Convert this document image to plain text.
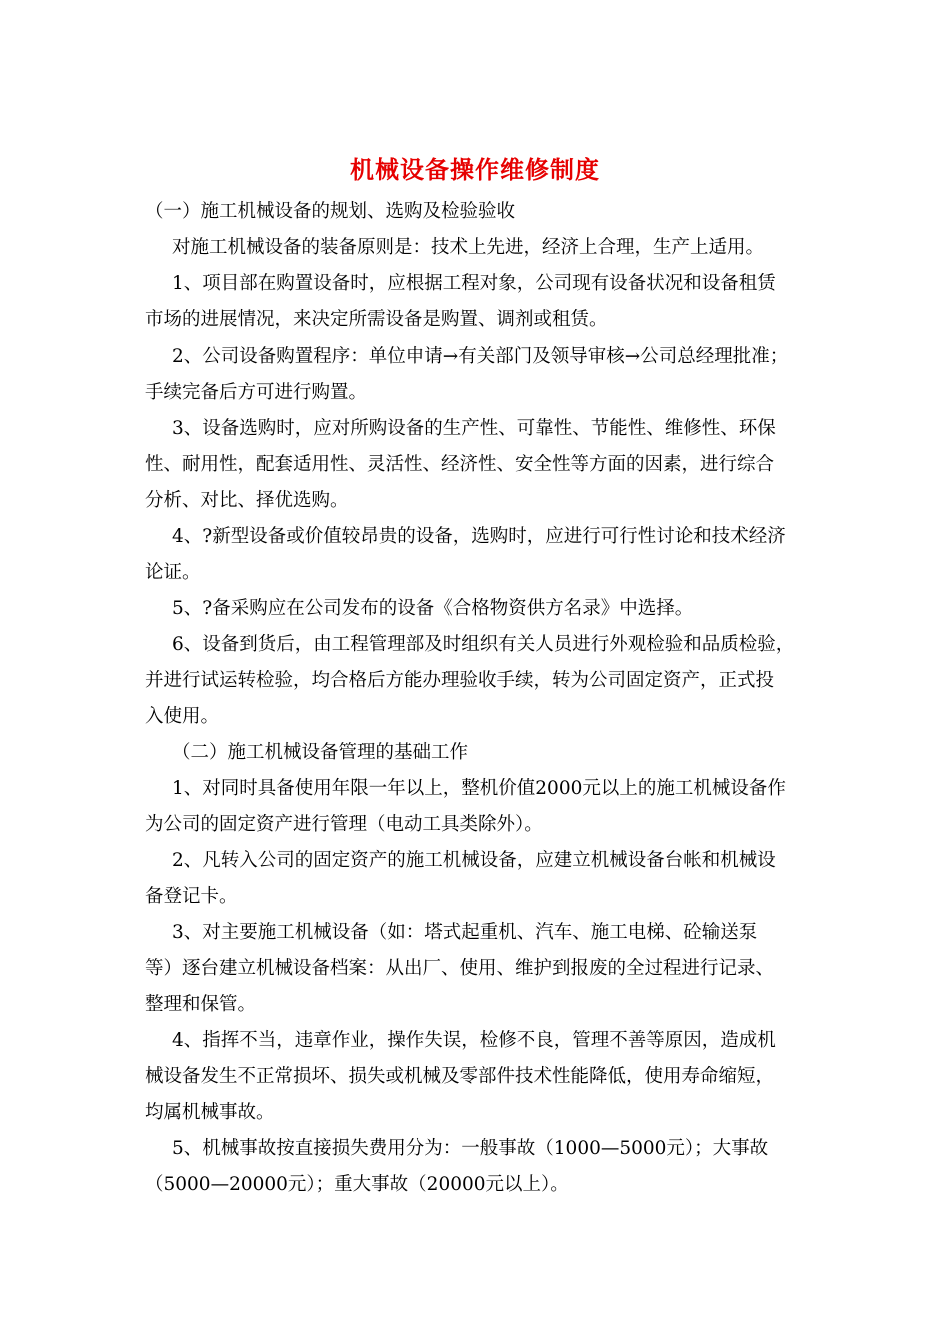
机械设备操作维修制度
（一）施工机械设备的规划、选购及检验验收
对施工机械设备的装备原则是：技术上先进，经济上合理，生产上适用。
1、项目部在购置设备时，应根据工程对象，公司现有设备状况和设备租赁
市场的进展情况，来决定所需设备是购置、调剂或租赁。
2、公司设备购置程序：单位申请→有关部门及领导审核→公司总经理批准；
手续完备后方可进行购置。
3、设备选购时，应对所购设备的生产性、可靠性、节能性、维修性、环保
性、耐用性，配套适用性、灵活性、经济性、安全性等方面的因素，进行综合
分析、对比、择优选购。
4、?新型设备或价值较昂贵的设备，选购时，应进行可行性讨论和技术经济
论证。
5、?备采购应在公司发布的设备《合格物资供方名录》中选择。
6、设备到货后，由工程管理部及时组织有关人员进行外观检验和品质检验，
并进行试运转检验，均合格后方能办理验收手续，转为公司固定资产，正式投
入使用。
（二）施工机械设备管理的基础工作
1、对同时具备使用年限一年以上，整机价值2000元以上的施工机械设备作
为公司的固定资产进行管理（电动工具类除外）。
2、凡转入公司的固定资产的施工机械设备，应建立机械设备台帐和机械设
备登记卡。
3、对主要施工机械设备（如：塔式起重机、汽车、施工电梯、砼输送泵
等）逐台建立机械设备档案：从出厂、使用、维护到报废的全过程进行记录、
整理和保管。
4、指挥不当，违章作业，操作失误，检修不良，管理不善等原因，造成机
械设备发生不正常损坏、损失或机械及零部件技术性能降低，使用寿命缩短，
均属机械事故。
5、机械事故按直接损失费用分为：一般事故（1000—5000元）；大事故
（5000—20000元）；重大事故（20000元以上）。
